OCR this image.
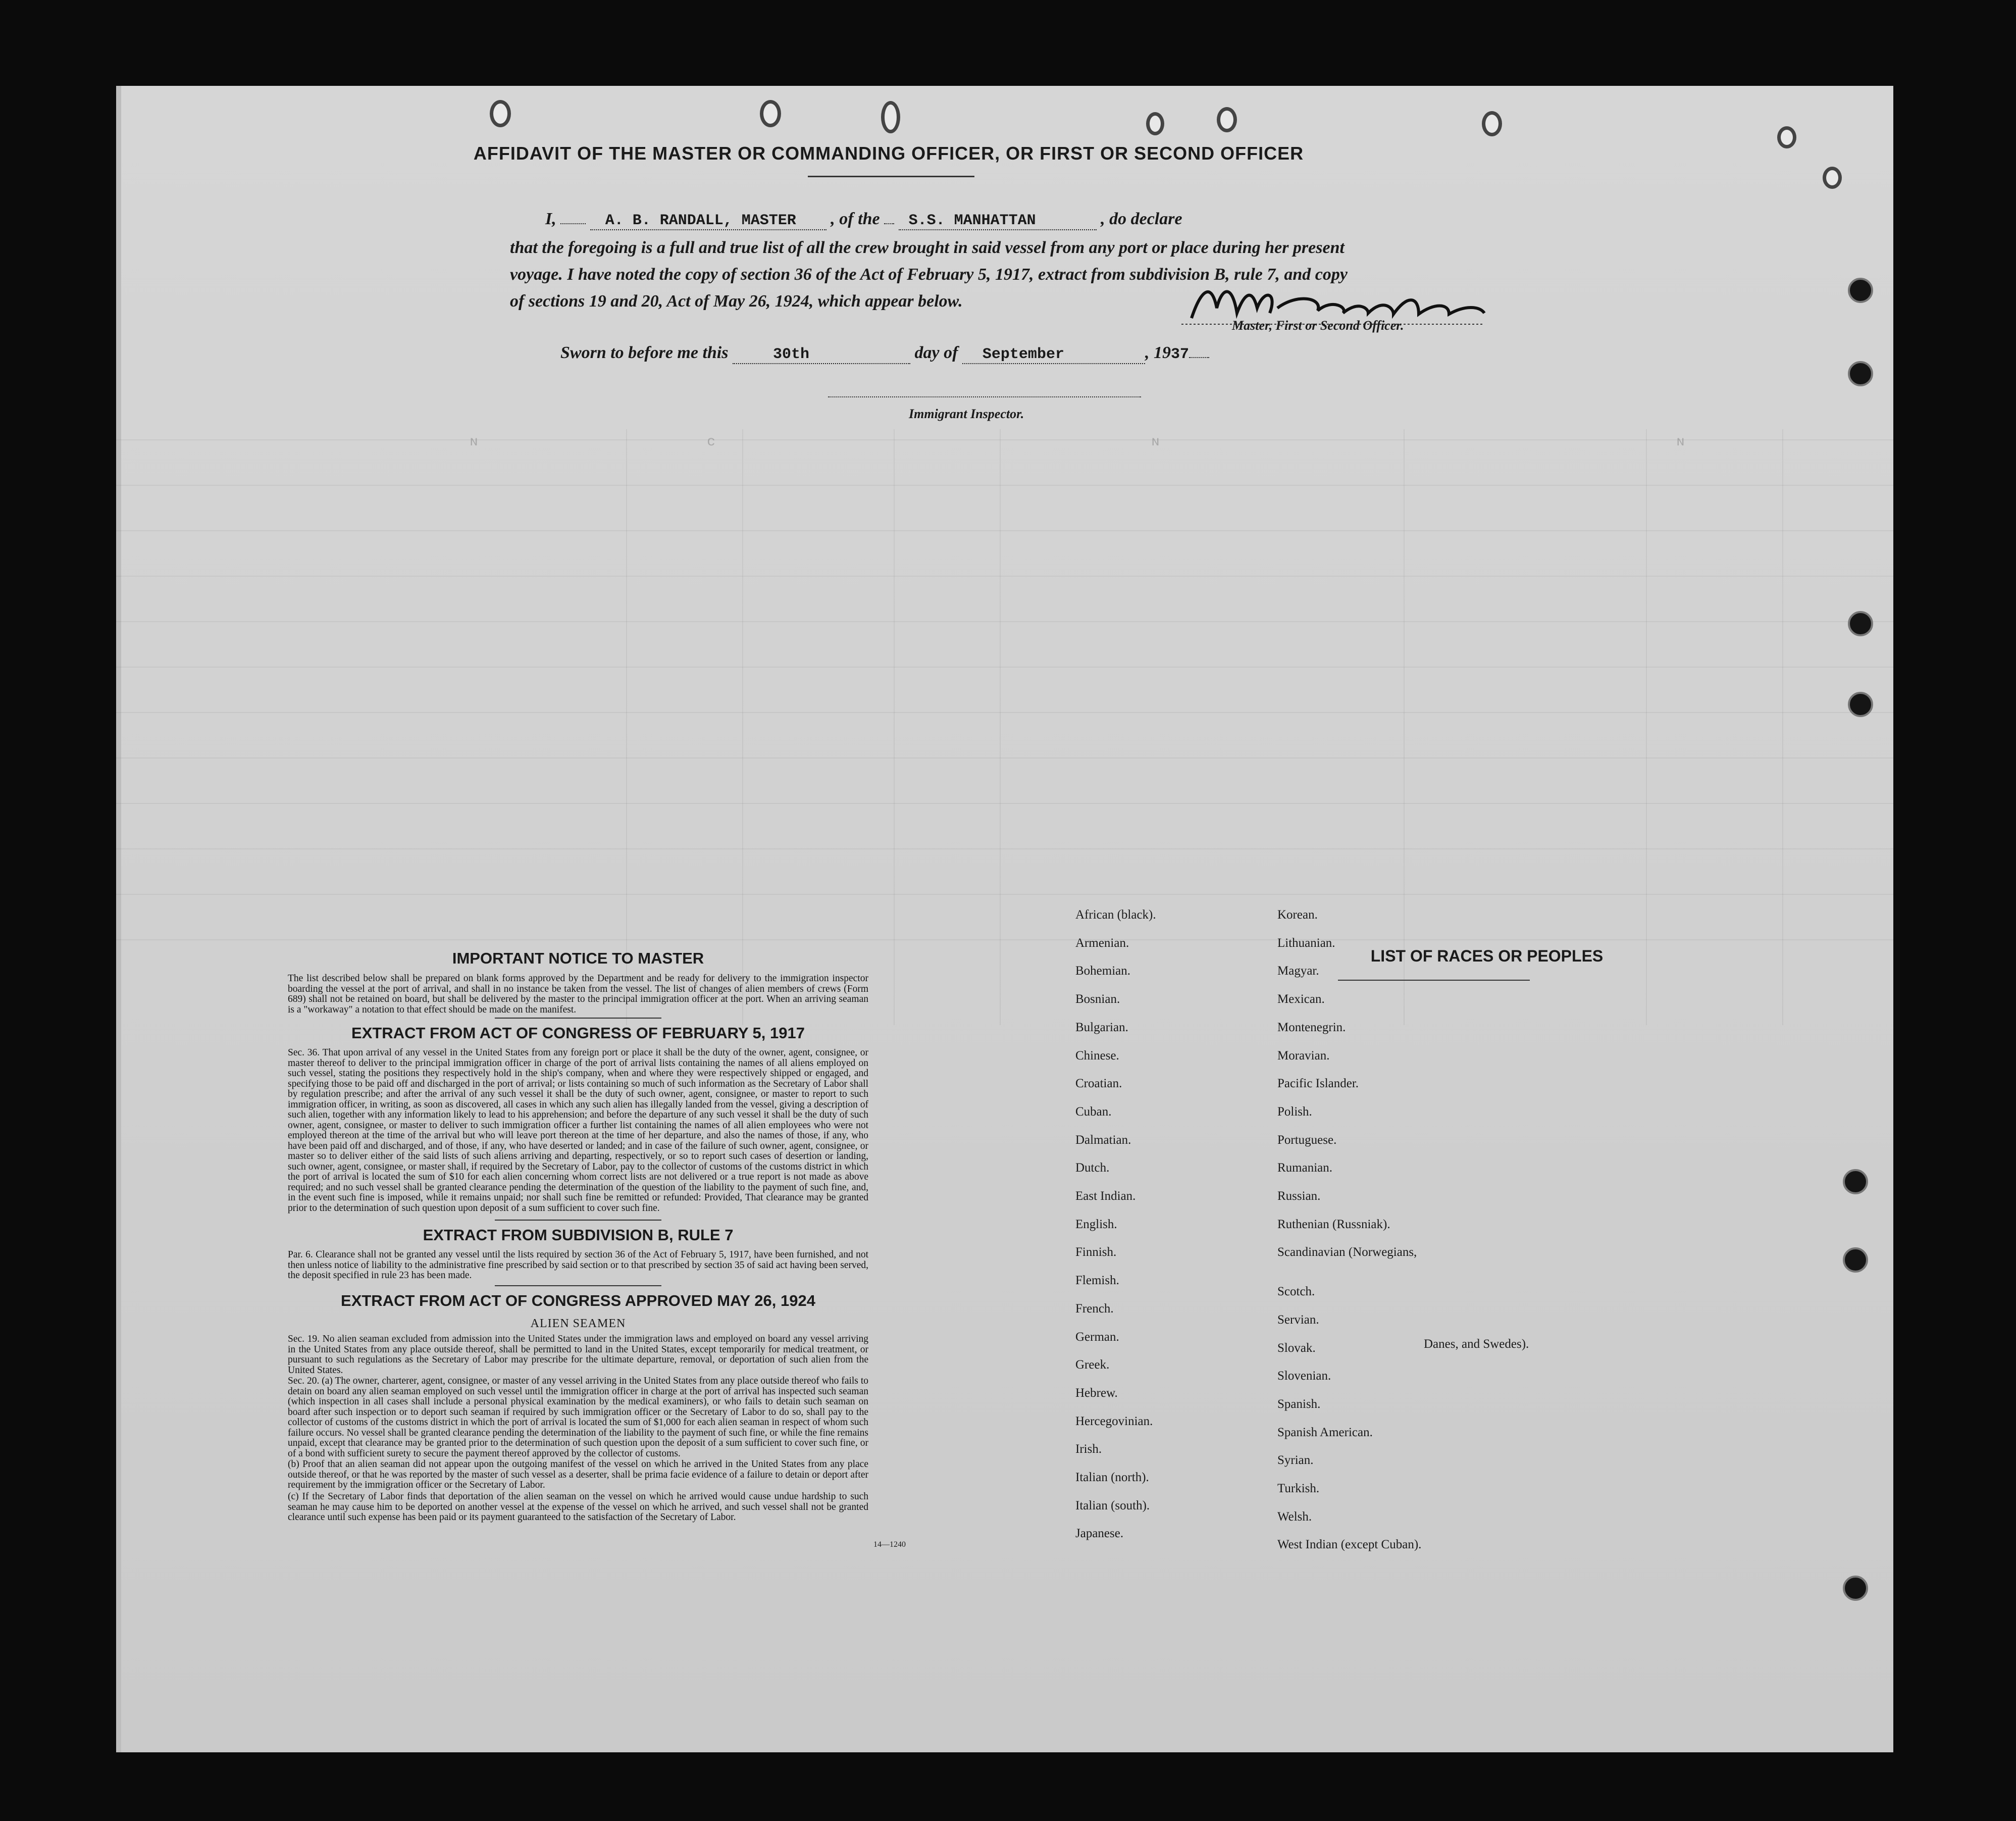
ᴎ	ɔ	ᴎ	ᴎ
AFFIDAVIT OF THE MASTER OR COMMANDING OFFICER, OR FIRST OR SECOND OFFICER
I,	A. B. RANDALL, MASTER , of the S.S. MANHATTAN	, do declare
that the foregoing is a full and true list of all the crew brought in said vessel from any port or place during her present
voyage. I have noted the copy of section 36 of the Act of February 5, 1917, extract from subdivision B, rule 7, and copy
of sections 19 and 20, Act of May 26, 1924, which appear below.
Master, First or Second Officer.
Sworn to before me this	30th	day of September	, 1937
Immigrant Inspector.
IMPORTANT NOTICE TO MASTER
The list described below shall be prepared on blank forms approved by the Department and be ready for delivery to the immigration inspector boarding the vessel at the port of arrival, and shall in no instance be taken from the vessel. The list of changes of alien members of crews (Form 689) shall not be retained on board, but shall be delivered by the master to the principal immigration officer at the port. When an arriving seaman is a "workaway" a notation to that effect should be made on the manifest.
EXTRACT FROM ACT OF CONGRESS OF FEBRUARY 5, 1917
Sec. 36. That upon arrival of any vessel in the United States from any foreign port or place it shall be the duty of the owner, agent, consignee, or master thereof to deliver to the principal immigration officer in charge of the port of arrival lists containing the names of all aliens employed on such vessel, stating the positions they respectively hold in the ship's company, when and where they were respectively shipped or engaged, and specifying those to be paid off and discharged in the port of arrival; or lists containing so much of such information as the Secretary of Labor shall by regulation prescribe; and after the arrival of any such vessel it shall be the duty of such owner, agent, consignee, or master to report to such immigration officer, in writing, as soon as discovered, all cases in which any such alien has illegally landed from the vessel, giving a description of such alien, together with any information likely to lead to his apprehension; and before the departure of any such vessel it shall be the duty of such owner, agent, consignee, or master to deliver to such immigration officer a further list containing the names of all alien employees who were not employed thereon at the time of the arrival but who will leave port thereon at the time of her departure, and also the names of those, if any, who have been paid off and discharged, and of those, if any, who have deserted or landed; and in case of the failure of such owner, agent, consignee, or master so to deliver either of the said lists of such aliens arriving and departing, respectively, or so to report such cases of desertion or landing, such owner, agent, consignee, or master shall, if required by the Secretary of Labor, pay to the collector of customs of the customs district in which the port of arrival is located the sum of $10 for each alien concerning whom correct lists are not delivered or a true report is not made as above required; and no such vessel shall be granted clearance pending the determination of the question of the liability to the payment of such fine, and, in the event such fine is imposed, while it remains unpaid; nor shall such fine be remitted or refunded: Provided, That clearance may be granted prior to the determination of such question upon deposit of a sum sufficient to cover such fine.
EXTRACT FROM SUBDIVISION B, RULE 7
Par. 6. Clearance shall not be granted any vessel until the lists required by section 36 of the Act of February 5, 1917, have been furnished, and not then unless notice of liability to the administrative fine prescribed by said section or to that prescribed by section 35 of said act having been served, the deposit specified in rule 23 has been made.
EXTRACT FROM ACT OF CONGRESS APPROVED MAY 26, 1924
ALIEN SEAMEN
Sec. 19. No alien seaman excluded from admission into the United States under the immigration laws and employed on board any vessel arriving in the United States from any place outside thereof, shall be permitted to land in the United States, except temporarily for medical treatment, or pursuant to such regulations as the Secretary of Labor may prescribe for the ultimate departure, removal, or deportation of such alien from the United States.
Sec. 20. (a) The owner, charterer, agent, consignee, or master of any vessel arriving in the United States from any place outside thereof who fails to detain on board any alien seaman employed on such vessel until the immigration officer in charge at the port of arrival has inspected such seaman (which inspection in all cases shall include a personal physical examination by the medical examiners), or who fails to detain such seaman on board after such inspection or to deport such seaman if required by such immigration officer or the Secretary of Labor to do so, shall pay to the collector of customs of the customs district in which the port of arrival is located the sum of $1,000 for each alien seaman in respect of whom such failure occurs. No vessel shall be granted clearance pending the determination of the liability to the payment of such fine, or while the fine remains unpaid, except that clearance may be granted prior to the determination of such question upon the deposit of a sum sufficient to cover such fine, or of a bond with sufficient surety to secure the payment thereof approved by the collector of customs.
(b) Proof that an alien seaman did not appear upon the outgoing manifest of the vessel on which he arrived in the United States from any place outside thereof, or that he was reported by the master of such vessel as a deserter, shall be prima facie evidence of a failure to detain or deport after requirement by the immigration officer or the Secretary of Labor.
(c) If the Secretary of Labor finds that deportation of the alien seaman on the vessel on which he arrived would cause undue hardship to such seaman he may cause him to be deported on another vessel at the expense of the vessel on which he arrived, and such vessel shall not be granted clearance until such expense has been paid or its payment guaranteed to the satisfaction of the Secretary of Labor.
14—1240
LIST OF RACES OR PEOPLES
African (black).
Armenian.
Bohemian.
Bosnian.
Bulgarian.
Chinese.
Croatian.
Cuban.
Dalmatian.
Dutch.
East Indian.
English.
Finnish.
Flemish.
French.
German.
Greek.
Hebrew.
Hercegovinian.
Irish.
Italian (north).
Italian (south).
Japanese.
Korean.
Lithuanian.
Magyar.
Mexican.
Montenegrin.
Moravian.
Pacific Islander.
Polish.
Portuguese.
Rumanian.
Russian.
Ruthenian (Russniak).
Scandinavian (Norwegians,
Scotch.
Servian.
Slovak.
Slovenian.
Spanish.
Spanish American.
Syrian.
Turkish.
Welsh.
West Indian (except Cuban).
Danes, and Swedes).
